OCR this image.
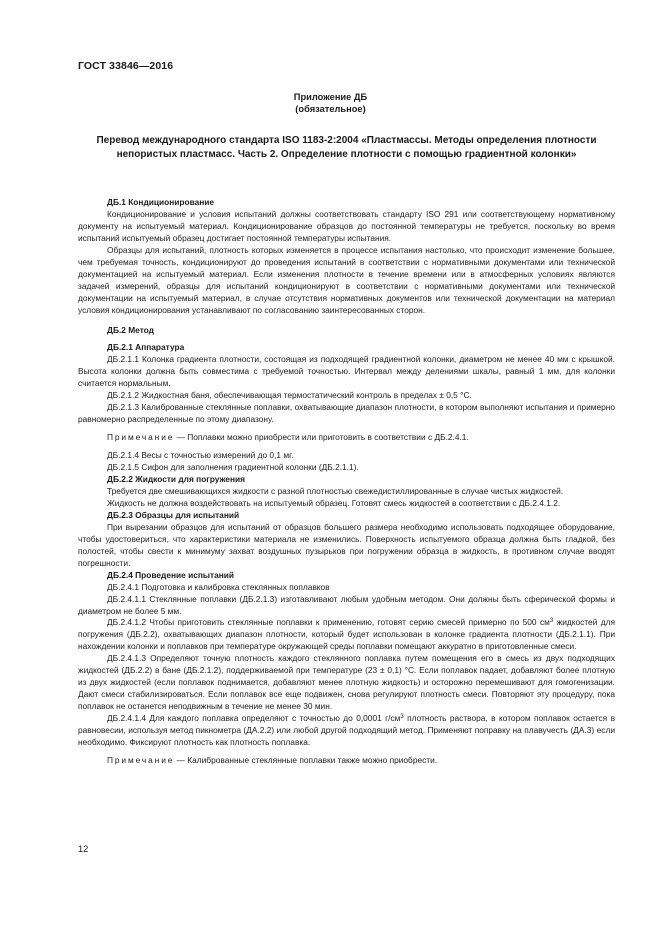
ГОСТ 33846—2016
Приложение ДБ
(обязательное)
Перевод международного стандарта ISO 1183-2:2004 «Пластмассы. Методы определения плотности непористых пластмасс. Часть 2. Определение плотности с помощью градиентной колонки»

ДБ.1 Кондиционирование

Кондиционирование и условия испытаний должны соответствовать стандарту ISO 291 или соответствующему нормативному документу на испытуемый материал. Кондиционирование образцов до постоянной температуры не требуется, поскольку во время испытаний испытуемый образец достигает постоянной температуры испытания.

Образцы для испытаний, плотность которых изменяется в процессе испытания настолько, что происходит изменение большее, чем требуемая точность, кондиционируют до проведения испытаний в соответствии с нормативными документами или технической документацией на испытуемый материал. Если изменения плотности в течение времени или в атмосферных условиях являются задачей измерений, образцы для испытаний кондиционируют в соответствии с нормативными документами или технической документации на испытуемый материал, в случае отсутствия нормативных документов или технической документации на материал условия кондиционирования устанавливают по согласованию заинтересованных сторон.

ДБ.2 Метод

ДБ.2.1 Аппаратура

ДБ.2.1.1 Колонка градиента плотности, состоящая из подходящей градиентной колонки, диаметром не менее 40 мм с крышкой. Высота колонки должна быть совместима с требуемой точностью. Интервал между делениями шкалы, равный 1 мм, для колонки считается нормальным.

ДБ.2.1.2 Жидкостная баня, обеспечивающая термостатический контроль в пределах ± 0,5 °С.

ДБ.2.1.3 Калиброванные стеклянные поплавки, охватывающие диапазон плотности, в котором выполняют испытания и примерно равномерно распределенные по этому диапазону.

Примечание — Поплавки можно приобрести или приготовить в соответствии с ДБ.2.4.1.

ДБ.2.1.4 Весы с точностью измерений до 0,1 мг.

ДБ.2.1.5 Сифон для заполнения градиентной колонки (ДБ.2.1.1).

ДБ.2.2 Жидкости для погружения

Требуется две смешивающихся жидкости с разной плотностью свежедистиллированные в случае чистых жидкостей.

Жидкость не должна воздействовать на испытуемый образец. Готовят смесь жидкостей в соответствии с ДБ.2.4.1.2.

ДБ.2.3 Образцы для испытаний

При вырезании образцов для испытаний от образцов большего размера необходимо использовать подходящее оборудование, чтобы удостовериться, что характеристики материала не изменились. Поверхность испытуемого образца должна быть гладкой, без полостей, чтобы свести к минимуму захват воздушных пузырьков при погружении образца в жидкость, в противном случае вводят погрешности.

ДБ.2.4 Проведение испытаний

ДБ.2.4.1 Подготовка и калибровка стеклянных поплавков

ДБ.2.4.1.1 Стеклянные поплавки (ДБ.2.1.3) изготавливают любым удобным методом. Они должны быть сферической формы и диаметром не более 5 мм.

ДБ.2.4.1.2 Чтобы приготовить стеклянные поплавки к применению, готовят серию смесей примерно по 500 $см^3$ жидкостей для погружения (ДБ.2.2), охватывающих диапазон плотности, который будет использован в колонке градиента плотности (ДБ.2.1.1). При нахождении колонки и поплавков при температуре окружающей среды поплавки помещают аккуратно в приготовленные смеси.

ДБ.2.4.1.3 Определяют точную плотность каждого стеклянного поплавка путем помещения его в смесь из двух подходящих жидкостей (ДБ.2.2) в бане (ДБ.2.1.2), поддерживаемой при температуре (23 ± 0,1) °С. Если поплавок падает, добавляют более плотную из двух жидкостей (если поплавок поднимается, добавляют менее плотную жидкость) и осторожно перемешивают для гомогенизации. Дают смеси стабилизироваться. Если поплавок все еще подвижен, снова регулируют плотность смеси. Повторяют эту процедуру, пока поплавок не останется неподвижным в течение не менее 30 мин.

ДБ.2.4.1.4 Для каждого поплавка определяют с точностью до 0,0001 $г/см^3$ плотность раствора, в котором поплавок остается в равновесии, используя метод пикнометра (ДА.2.2) или любой другой подходящий метод. Применяют поправку на плавучесть (ДА.3) если необходимо. Фиксируют плотность как плотность поплавка.

Примечание — Калиброванные стеклянные поплавки также можно приобрести.

12
